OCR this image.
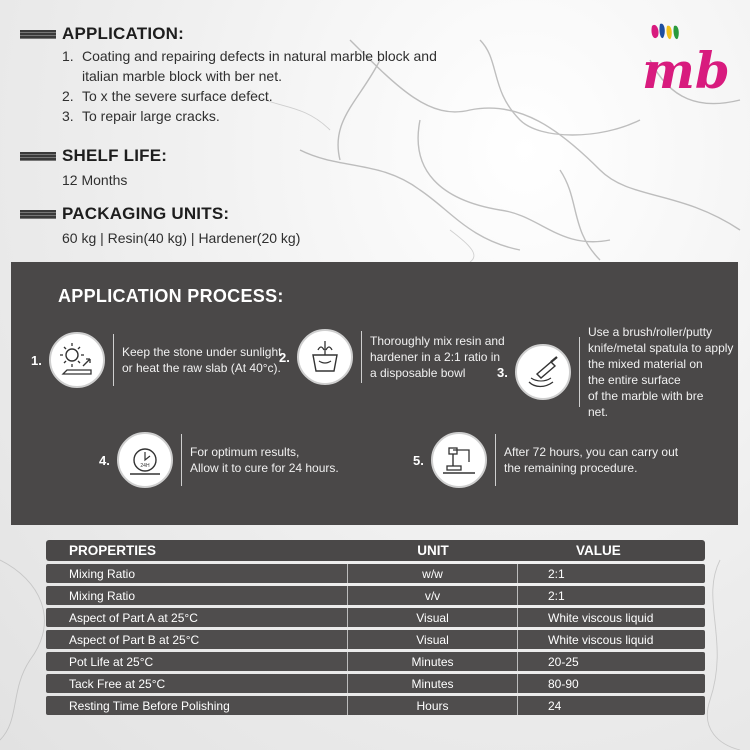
APPLICATION:
1. Coating and repairing defects in natural marble block and
italian marble block with ber net.
2. To x the severe surface defect.
3. To repair large cracks.
SHELF LIFE:
12 Months
PACKAGING UNITS:
60 kg | Resin(40 kg) | Hardener(20 kg)
mb
APPLICATION PROCESS:
1.
Keep the stone under sunlight
or heat the raw slab (At 40°c).
2.
Thoroughly mix resin and
hardener in a 2:1 ratio in
a disposable bowl	3.
Use a brush/roller/putty
knife/metal spatula to apply
the mixed material on
the entire surface
of the marble with bre
net.
4.	24H
For optimum results,
Allow it to cure for 24 hours.
5.
After 72 hours, you can carry out
the remaining procedure.
PROPERTIES	UNIT	VALUE
Mixing Ratio	w/w	2:1
Mixing Ratio	v/v	2:1
Aspect of Part A at 25°C	Visual	White viscous liquid
Aspect of Part B at 25°C	Visual	White viscous liquid
Pot Life at 25°C	Minutes	20-25
Tack Free at 25°C	Minutes	80-90
Resting Time Before Polishing	Hours	24
